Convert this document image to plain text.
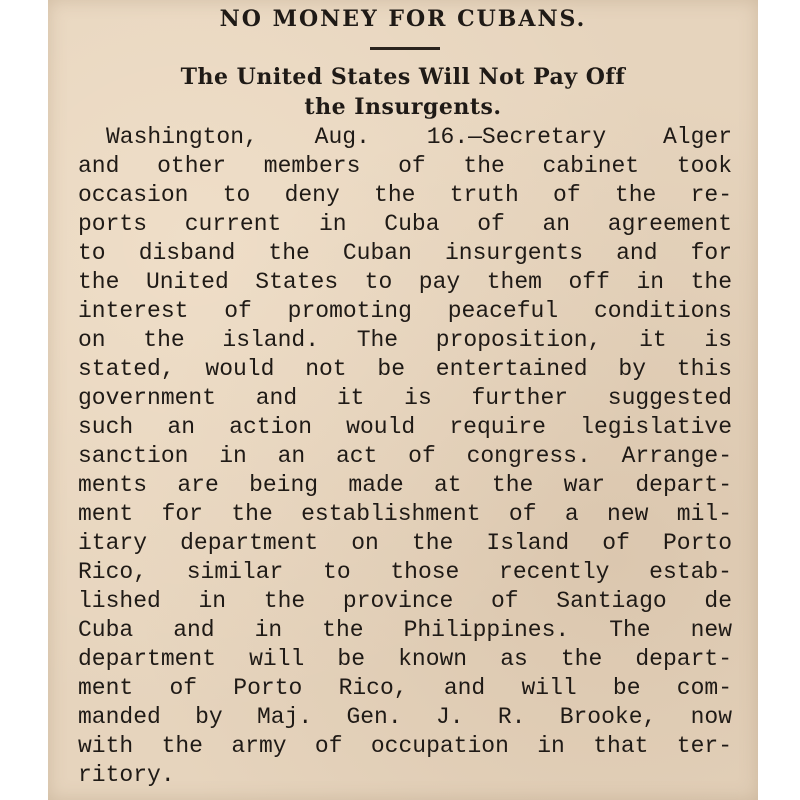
NO MONEY FOR CUBANS.
The United States Will Not Pay Off
the Insurgents.
Washington, Aug. 16.—Secretary Alger
and other members of the cabinet took
occasion to deny the truth of the re-
ports current in Cuba of an agreement
to disband the Cuban insurgents and for
the United States to pay them off in the
interest of promoting peaceful conditions
on the island. The proposition, it is
stated, would not be entertained by this
government and it is further suggested
such an action would require legislative
sanction in an act of congress. Arrange-
ments are being made at the war depart-
ment for the establishment of a new mil-
itary department on the Island of Porto
Rico, similar to those recently estab-
lished in the province of Santiago de
Cuba and in the Philippines. The new
department will be known as the depart-
ment of Porto Rico, and will be com-
manded by Maj. Gen. J. R. Brooke, now
with the army of occupation in that ter-
ritory.
